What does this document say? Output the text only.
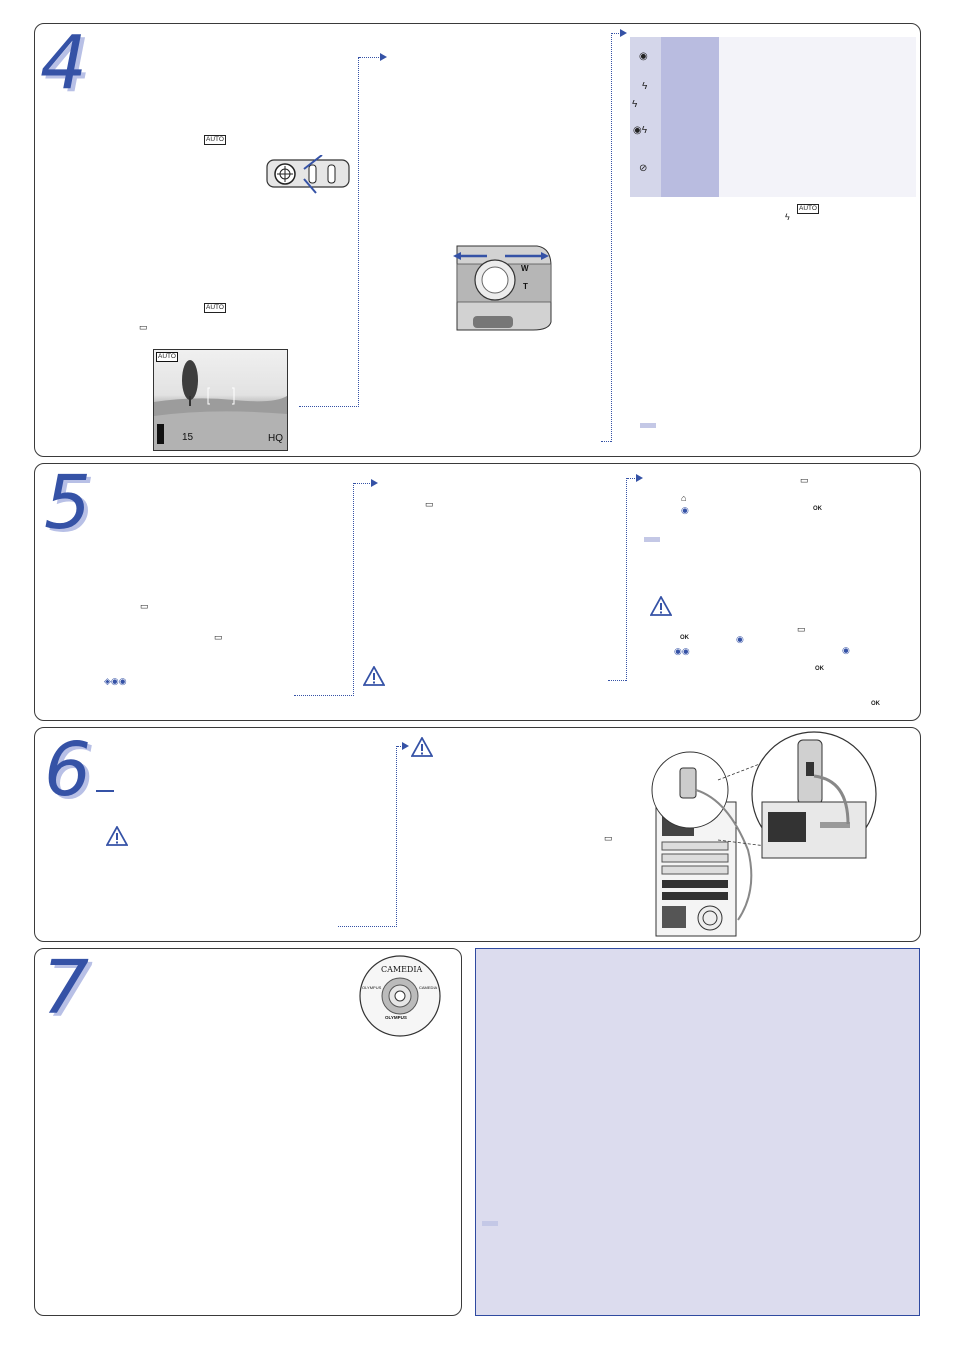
4
AUTO
AUTO
▭
AUTO
15	HQ
W
T
◉
ϟ
ϟ
◉ϟ
⊘
AUTO
ϟ
5
▭
▭
◈◉◉
▭
▭
⌂
◉	OK
▭
OK	◉
◉◉	◉
OK
OK
6
▭
7	CAMEDIA
OLYMPUS	CAMEDIA
OLYMPUS
